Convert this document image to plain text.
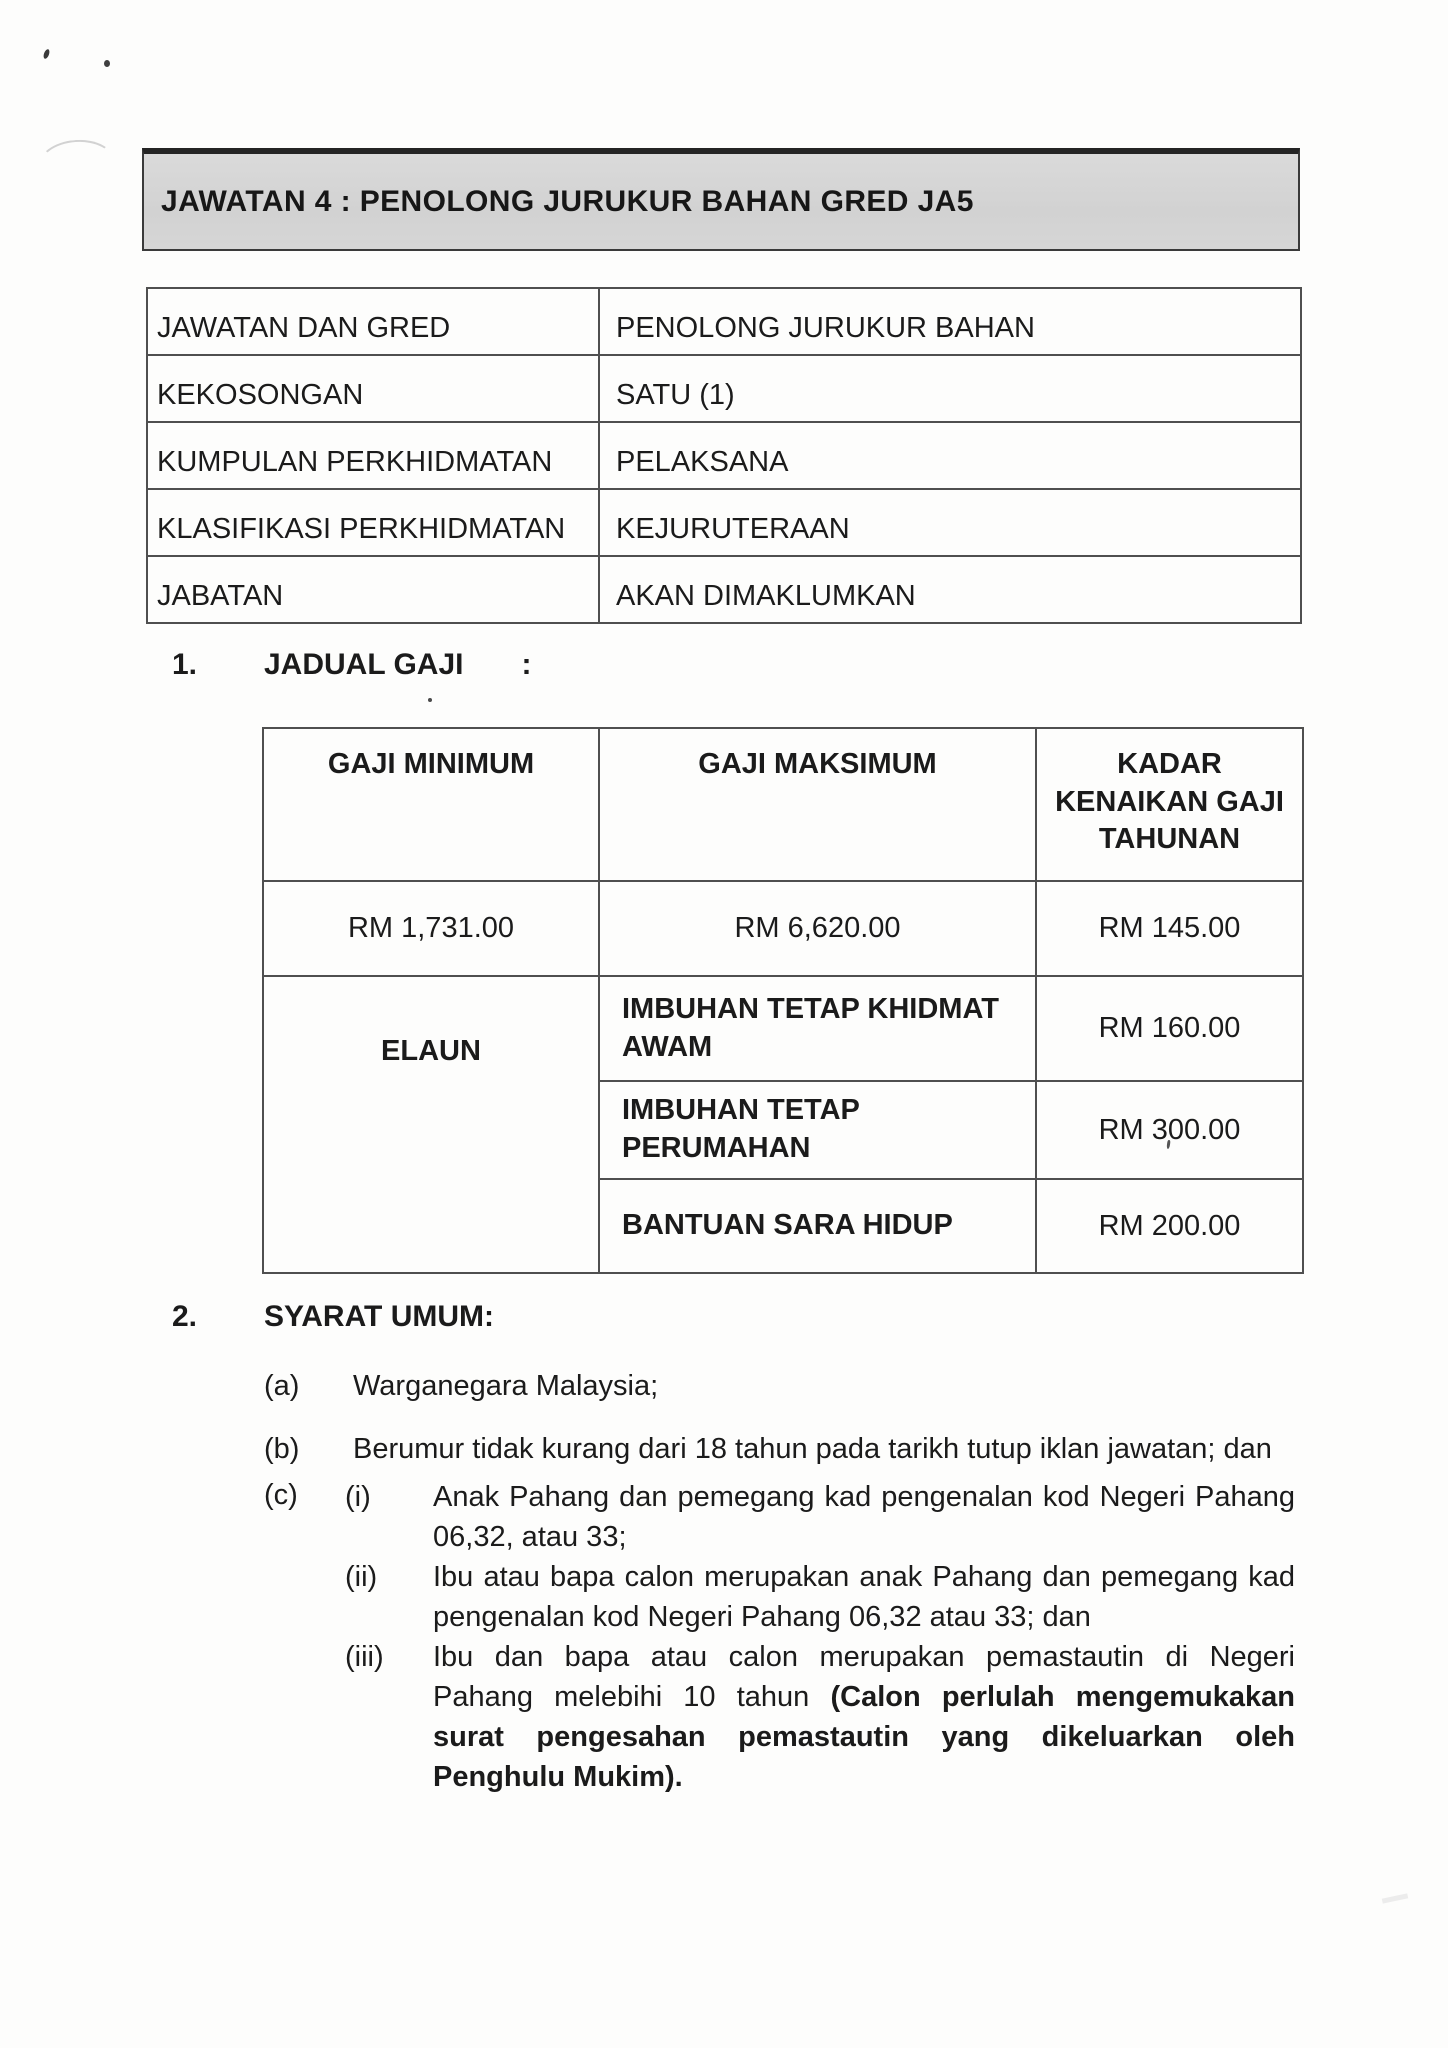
JAWATAN 4 : PENOLONG JURUKUR BAHAN GRED JA5
JAWATAN DAN GRED	PENOLONG JURUKUR BAHAN
KEKOSONGAN	SATU (1)
KUMPULAN PERKHIDMATAN	PELAKSANA
KLASIFIKASI PERKHIDMATAN	KEJURUTERAAN
JABATAN	AKAN DIMAKLUMKAN
1.	JADUAL GAJI :
GAJI MINIMUM	GAJI MAKSIMUM	KADAR KENAIKAN GAJI TAHUNAN
RM 1,731.00	RM 6,620.00	RM 145.00
ELAUN	IMBUHAN TETAP KHIDMAT AWAM	RM 160.00
	IMBUHAN TETAP PERUMAHAN	RM 300.00
	BANTUAN SARA HIDUP	RM 200.00
2.	SYARAT UMUM:
(a)	Warganegara Malaysia;
(b)	Berumur tidak kurang dari 18 tahun pada tarikh tutup iklan jawatan; dan
(c)	(i)	Anak Pahang dan pemegang kad pengenalan kod Negeri Pahang 06,32, atau 33;
(ii)	Ibu atau bapa calon merupakan anak Pahang dan pemegang kad pengenalan kod Negeri Pahang 06,32 atau 33; dan
(iii)	Ibu dan bapa atau calon merupakan pemastautin di Negeri Pahang melebihi 10 tahun (Calon perlulah mengemukakan surat pengesahan pemastautin yang dikeluarkan oleh Penghulu Mukim).
